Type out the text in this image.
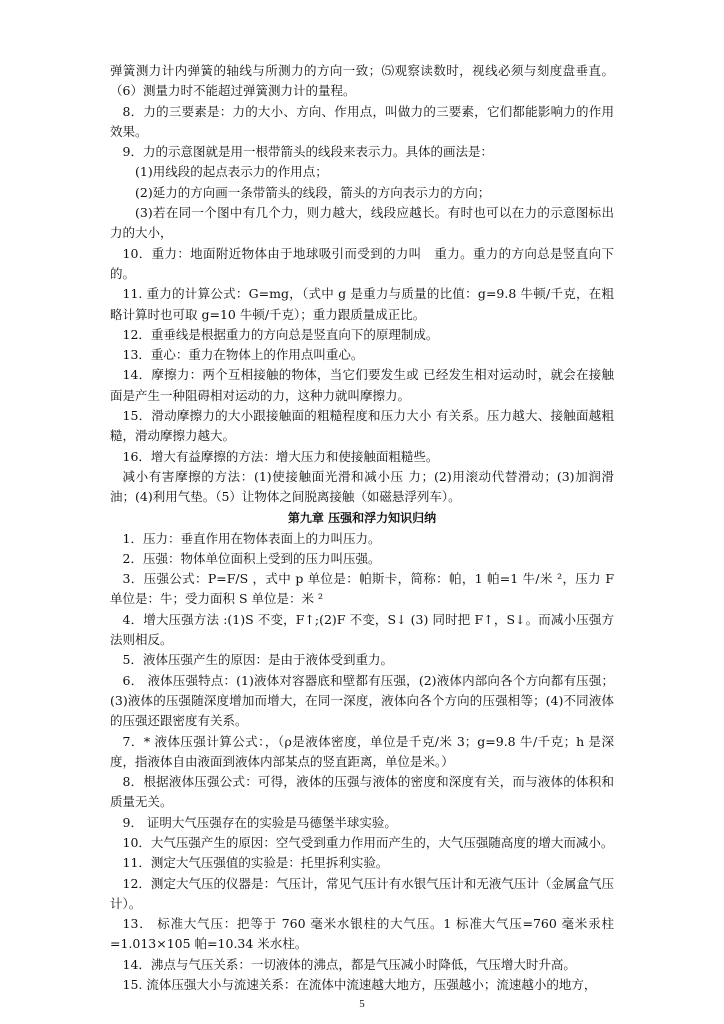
弹簧测力计内弹簧的轴线与所测力的方向一致；⑸观察读数时，视线必须与刻度盘垂直。（6）测量力时不能超过弹簧测力计的量程。

8．力的三要素是：力的大小、方向、作用点，叫做力的三要素，它们都能影响力的作用效果。

9．力的示意图就是用一根带箭头的线段来表示力。具体的画法是：

(1)用线段的起点表示力的作用点；

(2)延力的方向画一条带箭头的线段，箭头的方向表示力的方向；

(3)若在同一个图中有几个力，则力越大，线段应越长。有时也可以在力的示意图标出力的大小，

10．重力：地面附近物体由于地球吸引而受到的力叫　重力。重力的方向总是竖直向下的。

11. 重力的计算公式：G=mg，（式中 g 是重力与质量的比值：g=9.8 牛顿/千克，在粗略计算时也可取 g=10 牛顿/千克）；重力跟质量成正比。

12．重垂线是根据重力的方向总是竖直向下的原理制成。

13．重心：重力在物体上的作用点叫重心。

14．摩擦力：两个互相接触的物体，当它们要发生或 已经发生相对运动时，就会在接触面是产生一种阻碍相对运动的力，这种力就叫摩擦力。

15．滑动摩擦力的大小跟接触面的粗糙程度和压力大小 有关系。压力越大、接触面越粗糙，滑动摩擦力越大。

16．增大有益摩擦的方法：增大压力和使接触面粗糙些。

减小有害摩擦的方法：(1)使接触面光滑和减小压 力；(2)用滚动代替滑动；(3)加润滑油；(4)利用气垫。（5）让物体之间脱离接触（如磁悬浮列车）。

第九章 压强和浮力知识归纳

1．压力：垂直作用在物体表面上的力叫压力。

2．压强：物体单位面积上受到的压力叫压强。

3．压强公式：P=F/S ，式中 p 单位是：帕斯卡，简称：帕，1 帕=1 牛/米 ²，压力 F 单位是：牛；受力面积 S 单位是：米 ²

4．增大压强方法 :(1)S 不变，F↑;(2)F 不变，S↓ (3) 同时把 F↑，S↓。而减小压强方法则相反。

5．液体压强产生的原因：是由于液体受到重力。

6． 液体压强特点：(1)液体对容器底和壁都有压强，(2)液体内部向各个方向都有压强；(3)液体的压强随深度增加而增大，在同一深度，液体向各个方向的压强相等；(4)不同液体的压强还跟密度有关系。

7．* 液体压强计算公式：，（ρ是液体密度，单位是千克/米 3；g=9.8 牛/千克；h 是深度，指液体自由液面到液体内部某点的竖直距离，单位是米。）

8．根据液体压强公式：可得，液体的压强与液体的密度和深度有关，而与液体的体积和质量无关。

9． 证明大气压强存在的实验是马德堡半球实验。

10．大气压强产生的原因：空气受到重力作用而产生的，大气压强随高度的增大而减小。

11．测定大气压强值的实验是：托里拆利实验。

12．测定大气压的仪器是：气压计，常见气压计有水银气压计和无液气压计（金属盒气压计）。

13． 标准大气压：把等于 760 毫米水银柱的大气压。1 标准大气压=760 毫米汞柱=1.013×105 帕=10.34 米水柱。

14．沸点与气压关系：一切液体的沸点，都是气压减小时降低，气压增大时升高。

15. 流体压强大小与流速关系：在流体中流速越大地方，压强越小；流速越小的地方，

5
